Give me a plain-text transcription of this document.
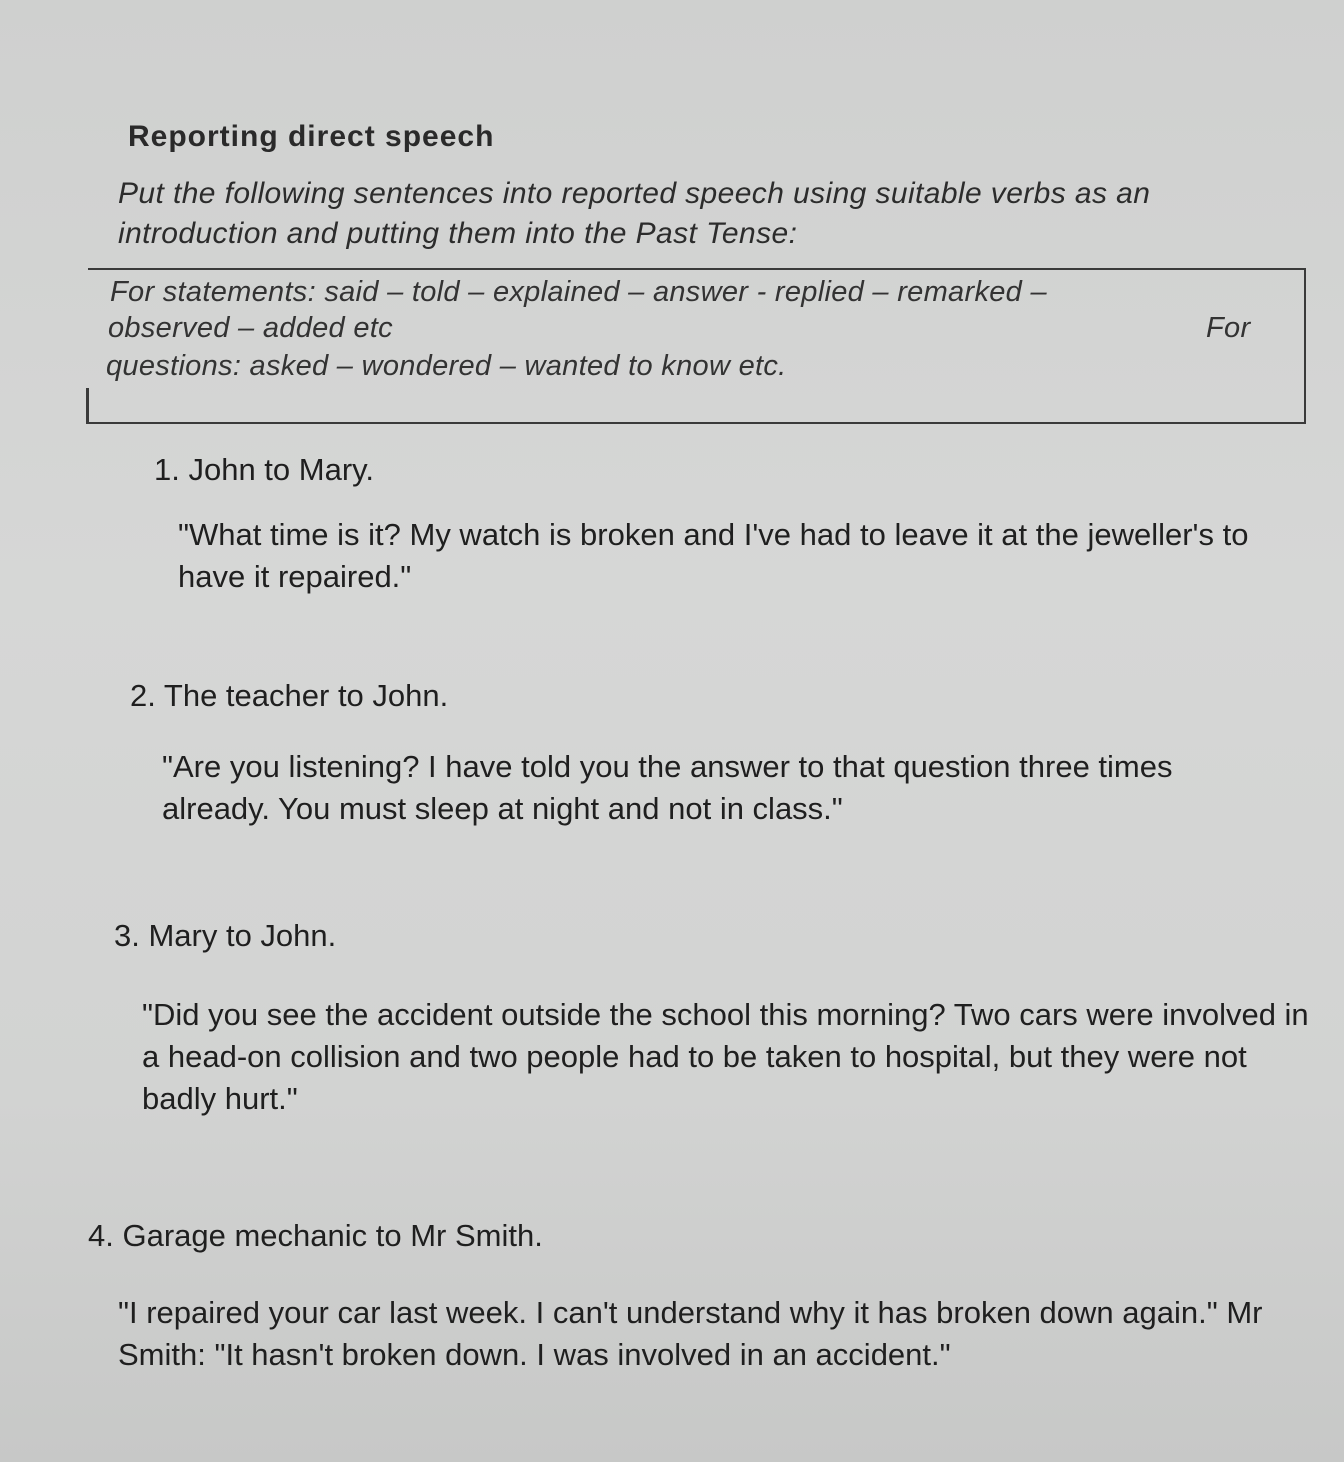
Reporting direct speech
Put the following sentences into reported speech using suitable verbs as an introduction and putting them into the Past Tense:
For statements: said – told – explained – answer - replied – remarked –
observed – added etc	For
questions: asked – wondered – wanted to know etc.
1. John to Mary.
"What time is it? My watch is broken and I've had to leave it at the jeweller's to have it repaired."
2. The teacher to John.
"Are you listening? I have told you the answer to that question three times already. You must sleep at night and not in class."
3. Mary to John.
"Did you see the accident outside the school this morning? Two cars were involved in a head-on collision and two people had to be taken to hospital, but they were not badly hurt."
4. Garage mechanic to Mr Smith.
"I repaired your car last week. I can't understand why it has broken down again." Mr Smith: "It hasn't broken down. I was involved in an accident."
